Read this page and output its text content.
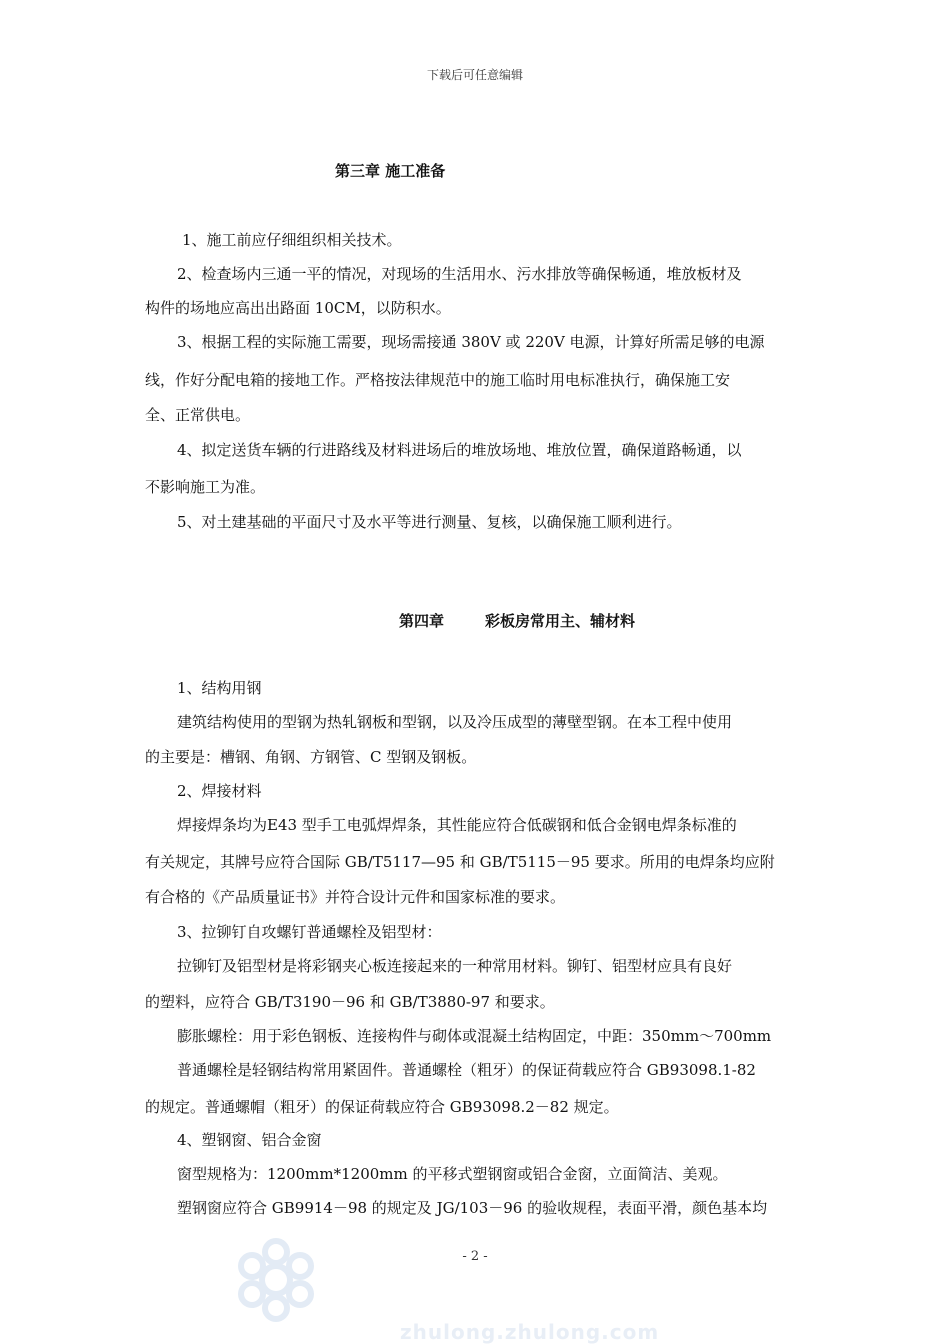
下载后可任意编辑
第三章 施工准备
1、施工前应仔细组织相关技术。
2、检查场内三通一平的情况，对现场的生活用水、污水排放等确保畅通，堆放板材及
构件的场地应高出出路面 10CM，以防积水。
3、根据工程的实际施工需要，现场需接通 380V 或 220V 电源，计算好所需足够的电源
线，作好分配电箱的接地工作。严格按法律规范中的施工临时用电标准执行，确保施工安
全、正常供电。
4、拟定送货车辆的行进路线及材料进场后的堆放场地、堆放位置，确保道路畅通，以
不影响施工为准。
5、对土建基础的平面尺寸及水平等进行测量、复核，以确保施工顺利进行。
第四章	彩板房常用主、辅材料
1、结构用钢
建筑结构使用的型钢为热轧钢板和型钢，以及冷压成型的薄壁型钢。在本工程中使用
的主要是：槽钢、角钢、方钢管、C 型钢及钢板。
2、焊接材料
焊接焊条均为E43 型手工电弧焊焊条，其性能应符合低碳钢和低合金钢电焊条标准的
有关规定，其牌号应符合国际 GB/T5117—95 和 GB/T5115－95 要求。所用的电焊条均应附
有合格的《产品质量证书》并符合设计元件和国家标准的要求。
3、拉铆钉自攻螺钉普通螺栓及铝型材：
拉铆钉及铝型材是将彩钢夹心板连接起来的一种常用材料。铆钉、铝型材应具有良好
的塑料，应符合 GB/T3190－96 和 GB/T3880-97 和要求。
膨胀螺栓：用于彩色钢板、连接构件与砌体或混凝土结构固定，中距：350mm～700mm
普通螺栓是轻钢结构常用紧固件。普通螺栓（粗牙）的保证荷载应符合 GB93098.1-82
的规定。普通螺帽（粗牙）的保证荷载应符合 GB93098.2－82 规定。
4、塑钢窗、铝合金窗
窗型规格为：1200mm*1200mm 的平移式塑钢窗或铝合金窗，立面简洁、美观。
塑钢窗应符合 GB9914－98 的规定及 JG/103－96 的验收规程，表面平滑，颜色基本均
- 2 -
zhulong.zhulong.com
